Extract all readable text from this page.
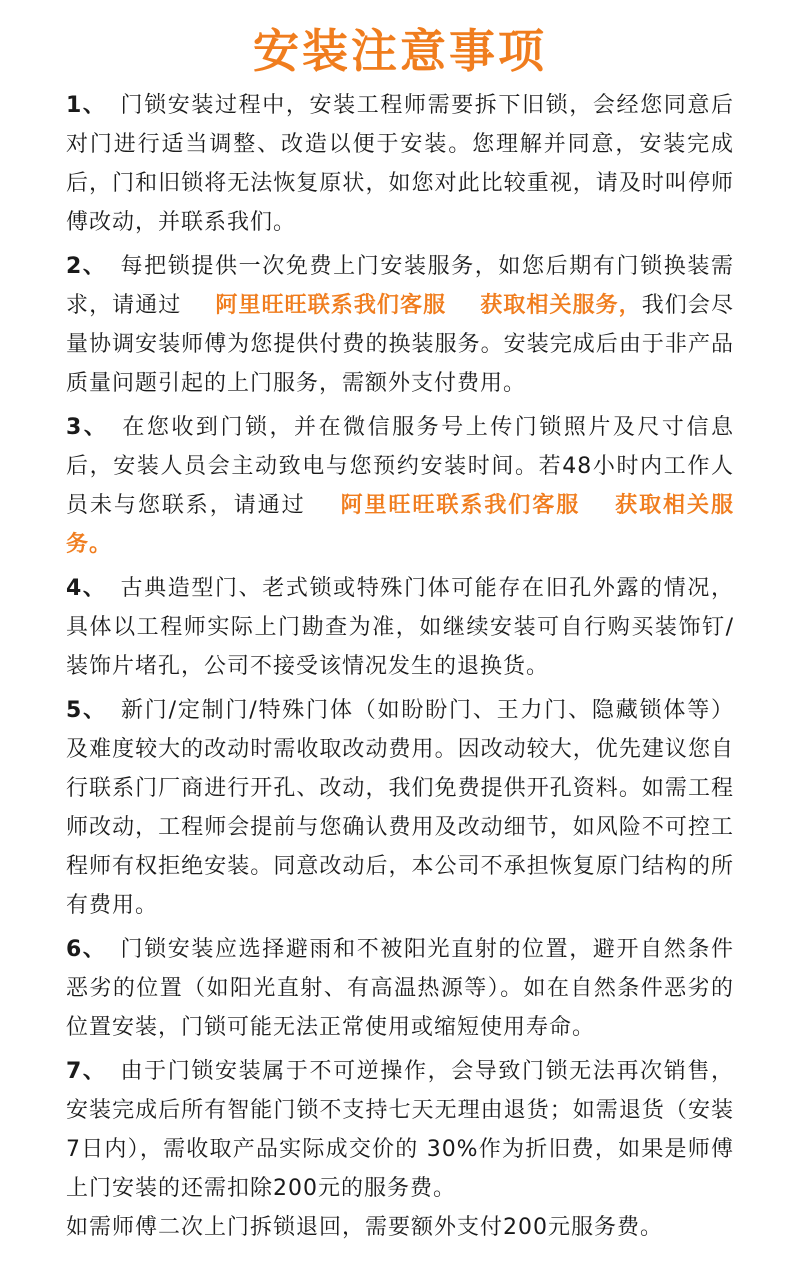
安装注意事项
1、 门锁安装过程中，安装工程师需要拆下旧锁，会经您同意后对门进行适当调整、改造以便于安装。您理解并同意，安装完成后，门和旧锁将无法恢复原状，如您对此比较重视，请及时叫停师傅改动，并联系我们。
2、 每把锁提供一次免费上门安装服务，如您后期有门锁换装需求，请通过 阿里旺旺联系我们客服 获取相关服务，我们会尽量协调安装师傅为您提供付费的换装服务。安装完成后由于非产品质量问题引起的上门服务，需额外支付费用。
3、 在您收到门锁，并在微信服务号上传门锁照片及尺寸信息后，安装人员会主动致电与您预约安装时间。若48小时内工作人员未与您联系，请通过 阿里旺旺联系我们客服 获取相关服务。
4、 古典造型门、老式锁或特殊门体可能存在旧孔外露的情况，具体以工程师实际上门勘查为准，如继续安装可自行购买装饰钉/装饰片堵孔，公司不接受该情况发生的退换货。
5、 新门/定制门/特殊门体（如盼盼门、王力门、隐藏锁体等）及难度较大的改动时需收取改动费用。因改动较大，优先建议您自行联系门厂商进行开孔、改动，我们免费提供开孔资料。如需工程师改动，工程师会提前与您确认费用及改动细节，如风险不可控工程师有权拒绝安装。同意改动后，本公司不承担恢复原门结构的所有费用。
6、 门锁安装应选择避雨和不被阳光直射的位置，避开自然条件恶劣的位置（如阳光直射、有高温热源等）。如在自然条件恶劣的位置安装，门锁可能无法正常使用或缩短使用寿命。
7、 由于门锁安装属于不可逆操作，会导致门锁无法再次销售，安装完成后所有智能门锁不支持七天无理由退货；如需退货（安装7日内），需收取产品实际成交价的 30%作为折旧费，如果是师傅上门安装的还需扣除200元的服务费。
如需师傅二次上门拆锁退回，需要额外支付200元服务费。
